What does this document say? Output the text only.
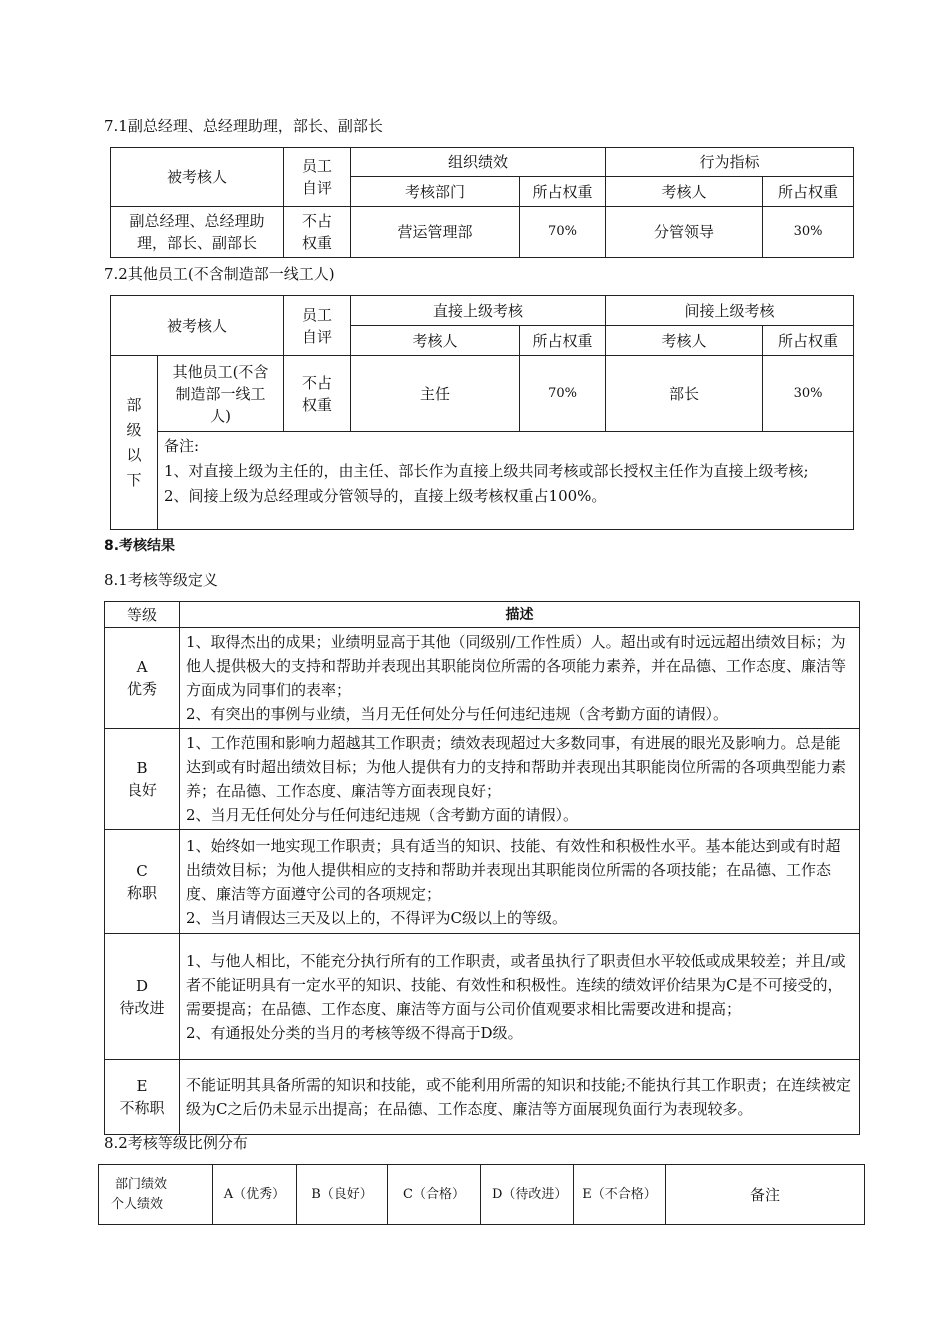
7.1副总经理、总经理助理，部长、副部长
被考核人	员工自评	组织绩效		行为指标	
		考核部门	所占权重	考核人	所占权重
副总经理、总经理助理，部长、副部长	不占权重	营运管理部	70%	分管领导	30%
7.2其他员工(不含制造部一线工人)
被考核人		员工自评	直接上级考核		间接上级考核	
			考核人	所占权重	考核人	所占权重
部级以下	其他员工(不含制造部一线工人)	不占权重	主任	70%	部长	30%

	备注:
1、对直接上级为主任的，由主任、部长作为直接上级共同考核或部长授权主任作为直接上级考核;
2、间接上级为总经理或分管领导的，直接上级考核权重占100%。					
8.考核结果
8.1考核等级定义
等级	描述

A
优秀	1、取得杰出的成果；业绩明显高于其他（同级别/工作性质）人。超出或有时远远超出绩效目标；为他人提供极大的支持和帮助并表现出其职能岗位所需的各项能力素养，并在品德、工作态度、廉洁等方面成为同事们的表率；
2、有突出的事例与业绩，当月无任何处分与任何违纪违规（含考勤方面的请假）。

B
良好	1、工作范围和影响力超越其工作职责；绩效表现超过大多数同事，有进展的眼光及影响力。总是能达到或有时超出绩效目标；为他人提供有力的支持和帮助并表现出其职能岗位所需的各项典型能力素养；在品德、工作态度、廉洁等方面表现良好；
2、当月无任何处分与任何违纪违规（含考勤方面的请假）。

C
称职	1、始终如一地实现工作职责；具有适当的知识、技能、有效性和积极性水平。基本能达到或有时超出绩效目标；为他人提供相应的支持和帮助并表现出其职能岗位所需的各项技能；在品德、工作态度、廉洁等方面遵守公司的各项规定；
2、当月请假达三天及以上的，不得评为C级以上的等级。

D
待改进	1、与他人相比，不能充分执行所有的工作职责，或者虽执行了职责但水平较低或成果较差；并且/或者不能证明具有一定水平的知识、技能、有效性和积极性。连续的绩效评价结果为C是不可接受的，需要提高；在品德、工作态度、廉洁等方面与公司价值观要求相比需要改进和提高；
2、有通报处分类的当月的考核等级不得高于D级。

E
不称职	不能证明其具备所需的知识和技能，或不能利用所需的知识和技能;不能执行其工作职责；在连续被定级为C之后仍未显示出提高；在品德、工作态度、廉洁等方面展现负面行为表现较多。
8.2考核等级比例分布
部门绩效
个人绩效
	A（优秀）	B（良好）	C（合格）	D（待改进）	E（不合格）	备注
